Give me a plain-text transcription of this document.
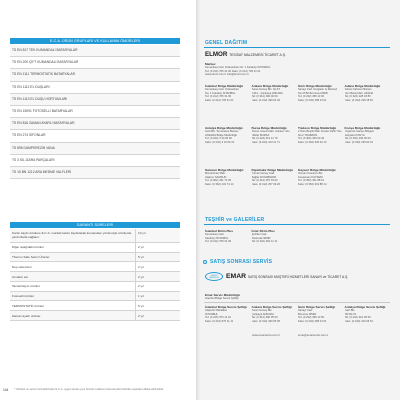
E.C.A. ÜRÜN GRUPLARI VE KULLANIM ÖMÜRLERİ
TS EN 817 TEK KUMANDALI BATARYALAR
TS EN 200 ÇİFT KUMANDALI BATARYALAR
TS EN 1111 TERMOSTATİK BATARYALAR
TS EN 1112 EL DUŞLARI
TS EN 1113 EL DUŞU HORTUMLARI
TS EN 15091 FOTOSELLİ BATARYALAR
TS EN 816 ZAMAN AYARLI BATARYALAR
TS EN 274 SİFONLAR
TS 895 DAMPEREZİN VANA
TS 3 SİL İZARA PARÇALARI
TS 15 BN 1212 ARA MEDME VALFLERİ
GARANTİ SÜRELERİ
Kartın kaybı ürünlere E.C.A. markalı kartın kaybolarak kumandası yönlemiyle ürünlerde yardımlarla sağlanır.
10 yıl
Diğer aşağıdaki ürünler	2 yıl
Thermo Safe Serisi Ürünler	5 yıl
Duş sistemleri	2 yıl
Armatür set	2 yıl
Tamamlayıcı ürünler	2 yıl
Fotoselli ürünler	1 yıl
TERMOSTATİK ürünler	5 yıl
Zaman ayarlı ürünler	2 yıl
144 * Ürünleri ve servis hizmetlerinden E.C.A. uygun alınan yeni ürünler, kullanım kılavuzunda belirtilen uyarılara dikkat edilmelidir.
GENEL DAĞITIM
ELMOR TESİSAT MALZEMESİ TİCARET A.Ş.
Merkez
Kemankeş Cad. Ortaneshan No: 1 Karaköy İSTANBUL
Tel: (0 212) 705 31 00 Faks: (0 212) 705 31 01
www.elmor.com.tr info@elmor.com.tr
İstanbul Bölge Müdürlüğü
Kemankeş Cad. Ortaneshan
No: 1 Karaköy İSTANBUL
Tel: (0 212) 705 31 00
Faks: (0 212) 705 31 01
Ankara Bölge Müdürlüğü
Turan Güneş Blv. No:67
Yıldız - Çankaya ANKARA
Tel: (0 312) 490 00 00
Faks: (0 312) 490 04 04
İzmir Bölge Müdürlüğü
Sanayi Cad. Nergisler İş Merkezi
No:47/50 Bornova İZMİR
Tel: (0 232) 458 13 00
Faks: (0 232) 458 13 01
Adana Bölge Müdürlüğü
Adnan Kahveci Bulvarı
Yeni Baraj Mah. ADANA
Tel: (0 322) 228 18 80
Faks: (0 322) 228 18 81
Antalya Bölge Müdürlüğü
Gazi Blv. Termessos Bulvarı
ANKARA Bölge Müdürlüğü
Tel: (0 242) 3 10 06 30
Faks: (0 242) 3 10 06 31
Bursa Bölge Müdürlüğü
Ahmet Yesevi Mah. Ankara Yolu
Nilüfer BURSA
Tel: (0 224) 413 11 70
Faks: (0 224) 413 11 71
Trabzon Bölge Müdürlüğü
2 Nolu Beşirli Mah. Devlet Sahil Yolu
No:2 TRABZON
Tel: (0 462) 330 00 40
Faks: (0 462) 330 03 12
Konya Bölge Müdürlüğü
Organize Sanayi Bölgesi
Selçuklu KONYA
Tel: (0 332) 239 00 00
Faks: (0 332) 239 00 01
Samsun Bölge Müdürlüğü
Mimarsinan Mah.
Atakum SAMSUN
Tel: (0 362) 431 74 00
Faks: (0 362) 431 74 14
Diyarbakır Bölge Müdürlüğü
Yılmaz Güney Cad.
Bağlar DİYARBAKIR
Tel: (0 412) 257 49 00
Faks: (0 412) 257 49 26
Kayseri Bölge Müdürlüğü
Osman Kavuncu Blv.
Kocasinan KAYSERİ
Tel: (0 352) 331 88 10
Faks: (0 352) 331 88 14
TEŞHİR ve GALERİLER
İstanbul Birim Plus
Kemankeş Cad.
Karaköy İSTANBUL
Tel: (0 212) 705 31 00
İzmir Birim Plus
Şehitler Cad.
Alsancak İZMİR
Tel: (0 232) 463 11 11
SATIŞ SONRASI SERVİS
ÇAĞRI MERKEZİ	EMAR SATIŞ SONRASI MÜŞTERİ HİZMETLERİ SANAYİ ve TİCARET A.Ş.
Emar Servis Müdürlüğü
İstanbul Bölge Servis Şefliği
İstanbul Bölge Servis Şefliği
Ataşehir Mahallesi
İSTANBUL
Tel: (0 216) 570 11 10
Faks: (0 216) 570 11 11
Ankara Bölge Servis Şefliği
Turan Güneş Blv.
Çankaya ANKARA
Tel: (0 312) 490 05 00
Faks: (0 312) 490 05 05
İzmir Bölge Servis Şefliği
Sanayi Cad.
Bornova İZMİR
Tel: (0 232) 458 13 50
Faks: (0 232) 458 13 51
Antalya Bölge Servis Şefliği
Gazi Blv.
ANTALYA
Tel: (0 242) 310 06 50
Faks: (0 242) 310 06 51
www.emarservis.com.tr	emar@emarservis.com.tr
